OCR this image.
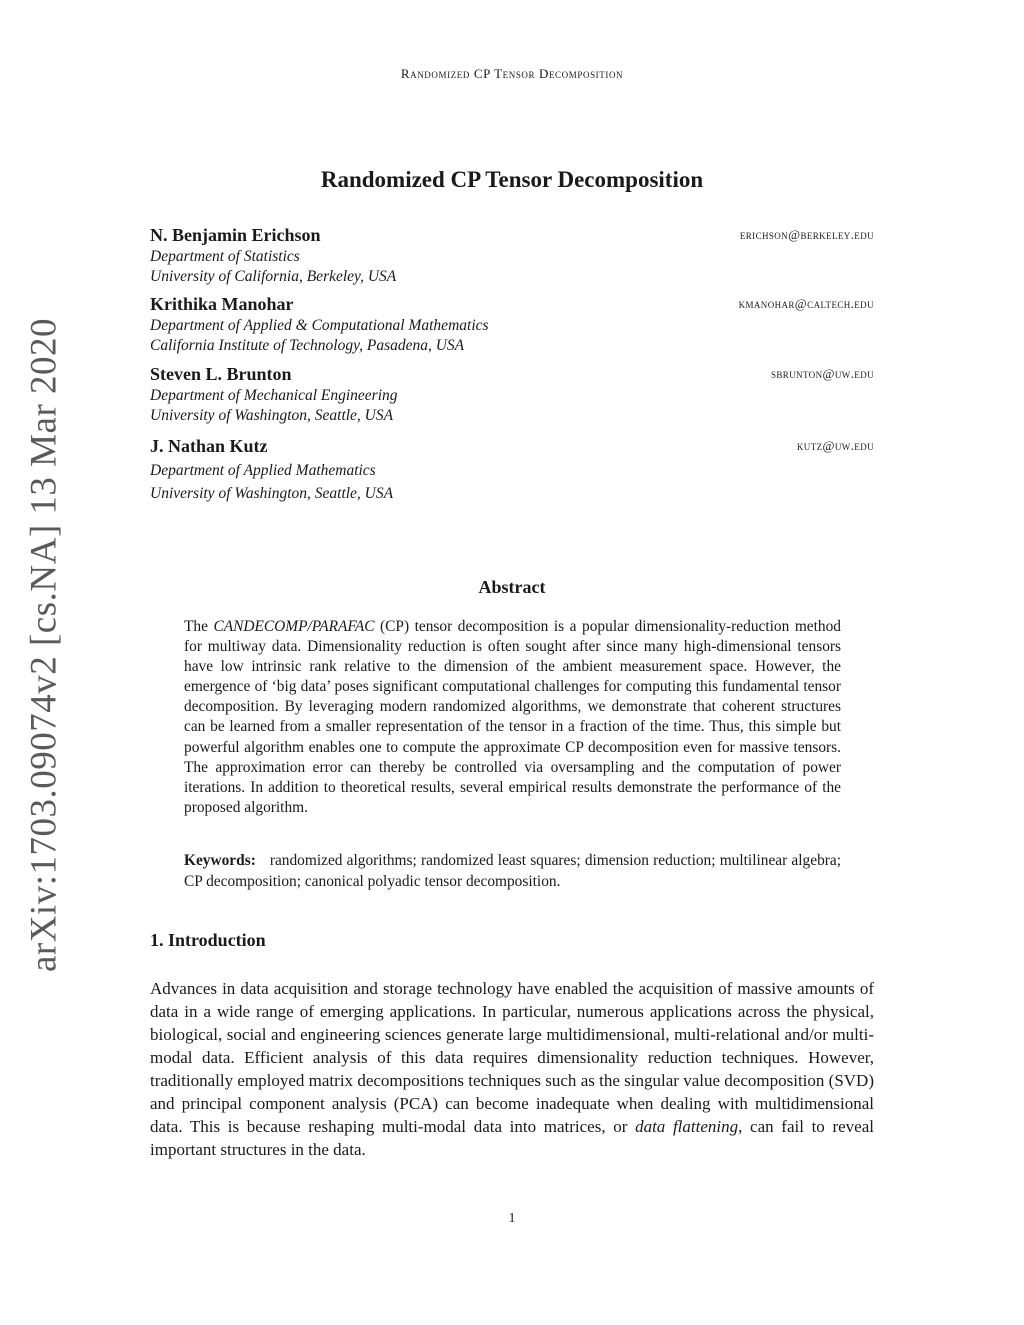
Randomized CP Tensor Decomposition
Randomized CP Tensor Decomposition
arXiv:1703.09074v2 [cs.NA] 13 Mar 2020
N. Benjamin Erichson	erichson@berkeley.edu
Department of Statistics
University of California, Berkeley, USA
Krithika Manohar	kmanohar@caltech.edu
Department of Applied & Computational Mathematics
California Institute of Technology, Pasadena, USA
Steven L. Brunton	sbrunton@uw.edu
Department of Mechanical Engineering
University of Washington, Seattle, USA
J. Nathan Kutz	kutz@uw.edu
Department of Applied Mathematics
University of Washington, Seattle, USA
Abstract
The CANDECOMP/PARAFAC (CP) tensor decomposition is a popular dimensionality-reduction method for multiway data. Dimensionality reduction is often sought after since many high-dimensional tensors have low intrinsic rank relative to the dimension of the ambient measurement space. However, the emergence of ‘big data’ poses significant computational challenges for computing this fundamental tensor decomposition. By leveraging modern randomized algorithms, we demonstrate that coherent structures can be learned from a smaller representation of the tensor in a fraction of the time. Thus, this simple but powerful algorithm enables one to compute the approximate CP decomposition even for massive tensors. The approximation error can thereby be controlled via oversampling and the computation of power iterations. In addition to theoretical results, several empirical results demonstrate the performance of the proposed algorithm.
Keywords: randomized algorithms; randomized least squares; dimension reduction; multilinear algebra; CP decomposition; canonical polyadic tensor decomposition.
1. Introduction
Advances in data acquisition and storage technology have enabled the acquisition of massive amounts of data in a wide range of emerging applications. In particular, numerous applications across the physical, biological, social and engineering sciences generate large multidimensional, multi-relational and/or multi-modal data. Efficient analysis of this data requires dimensionality reduction techniques. However, traditionally employed matrix decompositions techniques such as the singular value decomposition (SVD) and principal component analysis (PCA) can become inadequate when dealing with multidimensional data. This is because reshaping multi-modal data into matrices, or data flattening, can fail to reveal important structures in the data.
1
